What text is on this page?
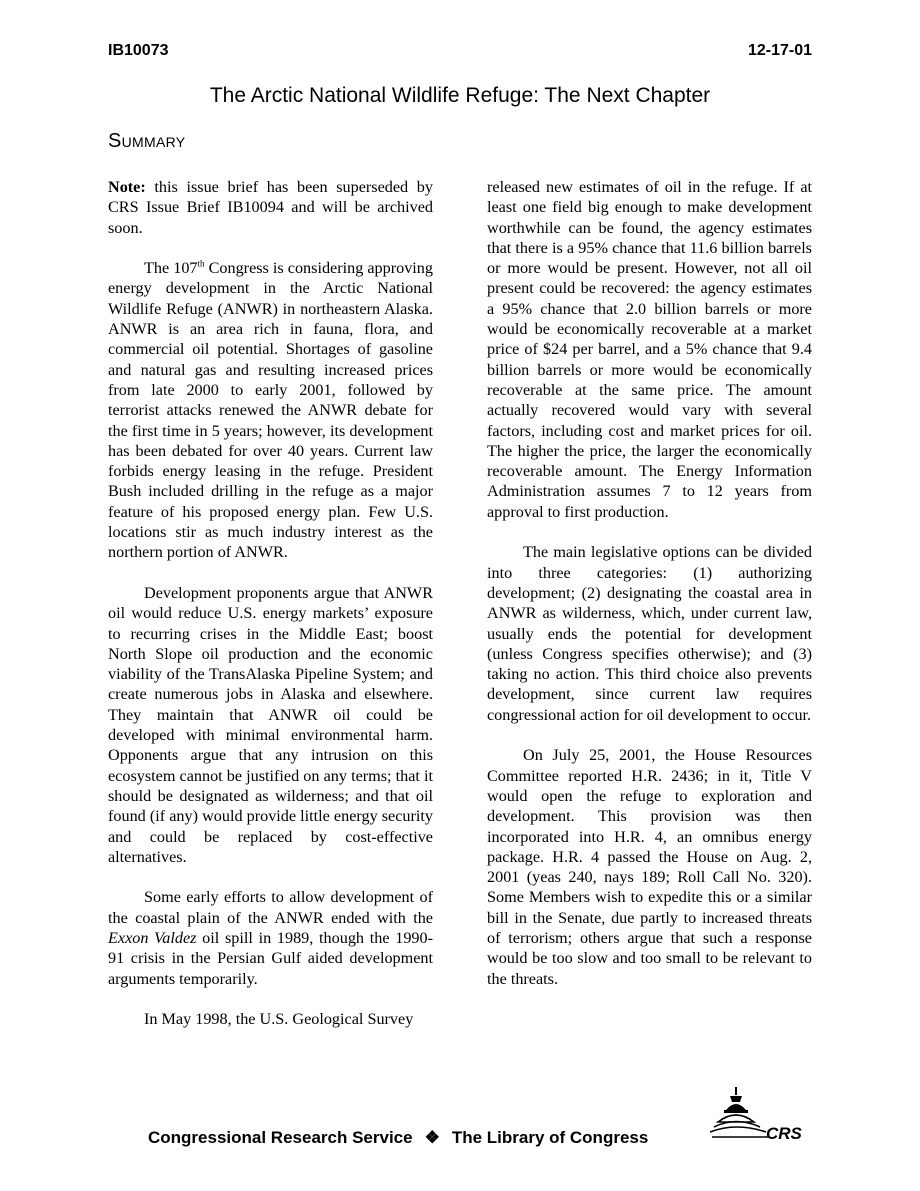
IB10073	12-17-01
The Arctic National Wildlife Refuge: The Next Chapter
Summary

Note: this issue brief has been superseded by CRS Issue Brief IB10094 and will be archived soon.

The 107th Congress is considering approving energy development in the Arctic National Wildlife Refuge (ANWR) in northeastern Alaska. ANWR is an area rich in fauna, flora, and commercial oil potential. Shortages of gasoline and natural gas and resulting increased prices from late 2000 to early 2001, followed by terrorist attacks renewed the ANWR debate for the first time in 5 years; however, its development has been debated for over 40 years. Current law forbids energy leasing in the refuge. President Bush included drilling in the refuge as a major feature of his proposed energy plan. Few U.S. locations stir as much industry interest as the northern portion of ANWR.

Development proponents argue that ANWR oil would reduce U.S. energy markets’ exposure to recurring crises in the Middle East; boost North Slope oil production and the economic viability of the TransAlaska Pipeline System; and create numerous jobs in Alaska and elsewhere. They maintain that ANWR oil could be developed with minimal environmental harm. Opponents argue that any intrusion on this ecosystem cannot be justified on any terms; that it should be designated as wilderness; and that oil found (if any) would provide little energy security and could be replaced by cost-effective alternatives.

Some early efforts to allow development of the coastal plain of the ANWR ended with the Exxon Valdez oil spill in 1989, though the 1990-91 crisis in the Persian Gulf aided development arguments temporarily.

In May 1998, the U.S. Geological Survey

released new estimates of oil in the refuge. If at least one field big enough to make development worthwhile can be found, the agency estimates that there is a 95% chance that 11.6 billion barrels or more would be present. However, not all oil present could be recovered: the agency estimates a 95% chance that 2.0 billion barrels or more would be economically recoverable at a market price of $24 per barrel, and a 5% chance that 9.4 billion barrels or more would be economically recoverable at the same price. The amount actually recovered would vary with several factors, including cost and market prices for oil. The higher the price, the larger the economically recoverable amount. The Energy Information Administration assumes 7 to 12 years from approval to first production.

The main legislative options can be divided into three categories: (1) authorizing development; (2) designating the coastal area in ANWR as wilderness, which, under current law, usually ends the potential for development (unless Congress specifies otherwise); and (3) taking no action. This third choice also prevents development, since current law requires congressional action for oil development to occur.

On July 25, 2001, the House Resources Committee reported H.R. 2436; in it, Title V would open the refuge to exploration and development. This provision was then incorporated into H.R. 4, an omnibus energy package. H.R. 4 passed the House on Aug. 2, 2001 (yeas 240, nays 189; Roll Call No. 320). Some Members wish to expedite this or a similar bill in the Senate, due partly to increased threats of terrorism; others argue that such a response would be too slow and too small to be relevant to the threats.

Congressional Research Service ❖ The Library of Congress	CRS
